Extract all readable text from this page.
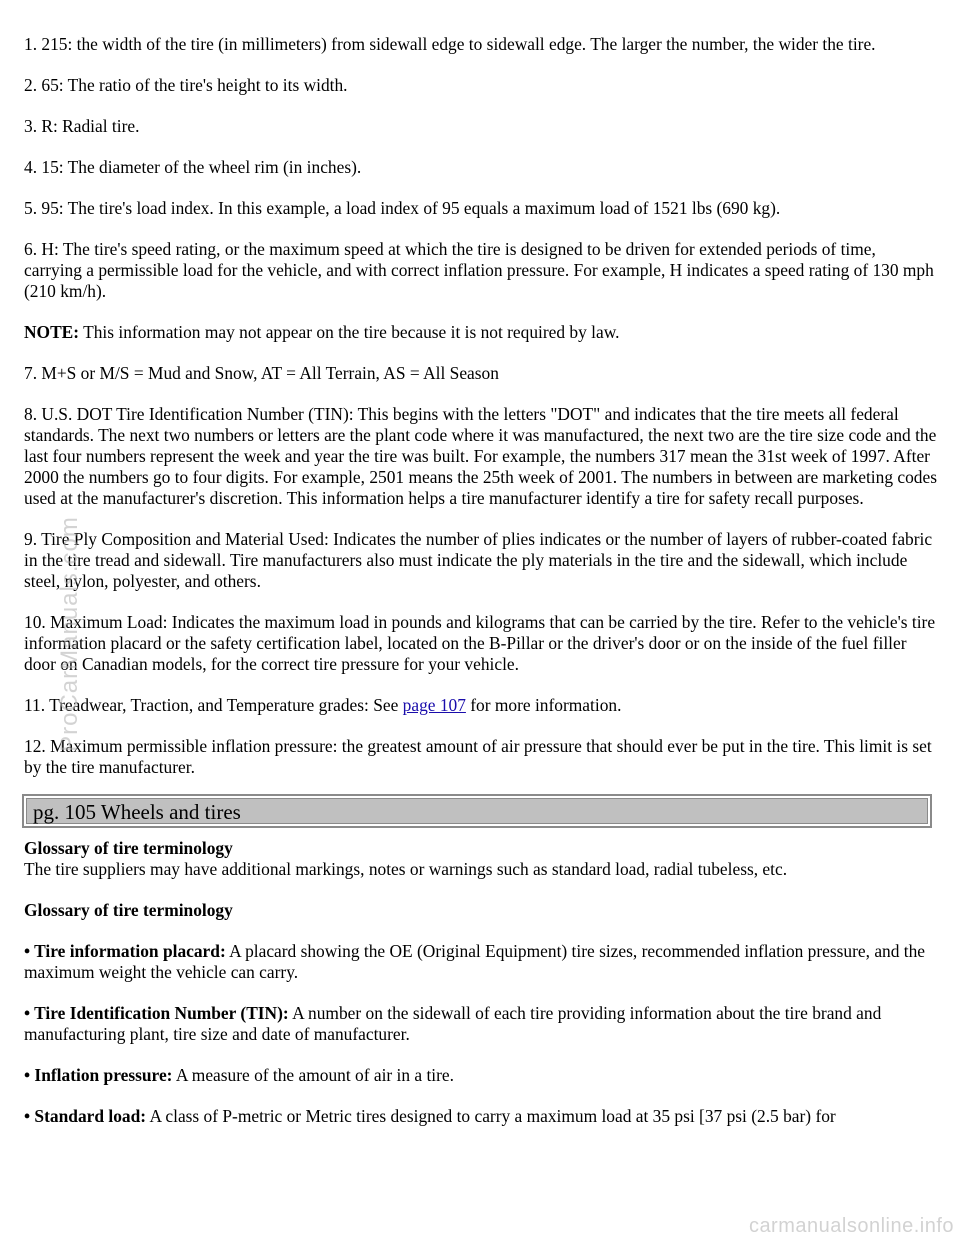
1. 215: the width of the tire (in millimeters) from sidewall edge to sidewall edge. The larger the number, the wider the tire.

2. 65: The ratio of the tire's height to its width.

3. R: Radial tire.

4. 15: The diameter of the wheel rim (in inches).

5. 95: The tire's load index. In this example, a load index of 95 equals a maximum load of 1521 lbs (690 kg).

6. H: The tire's speed rating, or the maximum speed at which the tire is designed to be driven for extended periods of time, carrying a permissible load for the vehicle, and with correct inflation pressure. For example, H indicates a speed rating of 130 mph (210 km/h).

NOTE: This information may not appear on the tire because it is not required by law.

7. M+S or M/S = Mud and Snow, AT = All Terrain, AS = All Season

8. U.S. DOT Tire Identification Number (TIN): This begins with the letters "DOT" and indicates that the tire meets all federal standards. The next two numbers or letters are the plant code where it was manufactured, the next two are the tire size code and the last four numbers represent the week and year the tire was built. For example, the numbers 317 mean the 31st week of 1997. After 2000 the numbers go to four digits. For example, 2501 means the 25th week of 2001. The numbers in between are marketing codes used at the manufacturer's discretion. This information helps a tire manufacturer identify a tire for safety recall purposes.

9. Tire Ply Composition and Material Used: Indicates the number of plies indicates or the number of layers of rubber-coated fabric in the tire tread and sidewall. Tire manufacturers also must indicate the ply materials in the tire and the sidewall, which include steel, nylon, polyester, and others.

10. Maximum Load: Indicates the maximum load in pounds and kilograms that can be carried by the tire. Refer to the vehicle's tire information placard or the safety certification label, located on the B-Pillar or the driver's door or on the inside of the fuel filler door on Canadian models, for the correct tire pressure for your vehicle.

11. Treadwear, Traction, and Temperature grades: See page 107 for more information.

12. Maximum permissible inflation pressure: the greatest amount of air pressure that should ever be put in the tire. This limit is set by the tire manufacturer.

pg. 105 Wheels and tires

Glossary of tire terminology
The tire suppliers may have additional markings, notes or warnings such as standard load, radial tubeless, etc.

Glossary of tire terminology

• Tire information placard: A placard showing the OE (Original Equipment) tire sizes, recommended inflation pressure, and the maximum weight the vehicle can carry.

• Tire Identification Number (TIN): A number on the sidewall of each tire providing information about the tire brand and manufacturing plant, tire size and date of manufacturer.

• Inflation pressure: A measure of the amount of air in a tire.

• Standard load: A class of P-metric or Metric tires designed to carry a maximum load at 35 psi [37 psi (2.5 bar) for

ProCarManuals.com
carmanualsonline.info
